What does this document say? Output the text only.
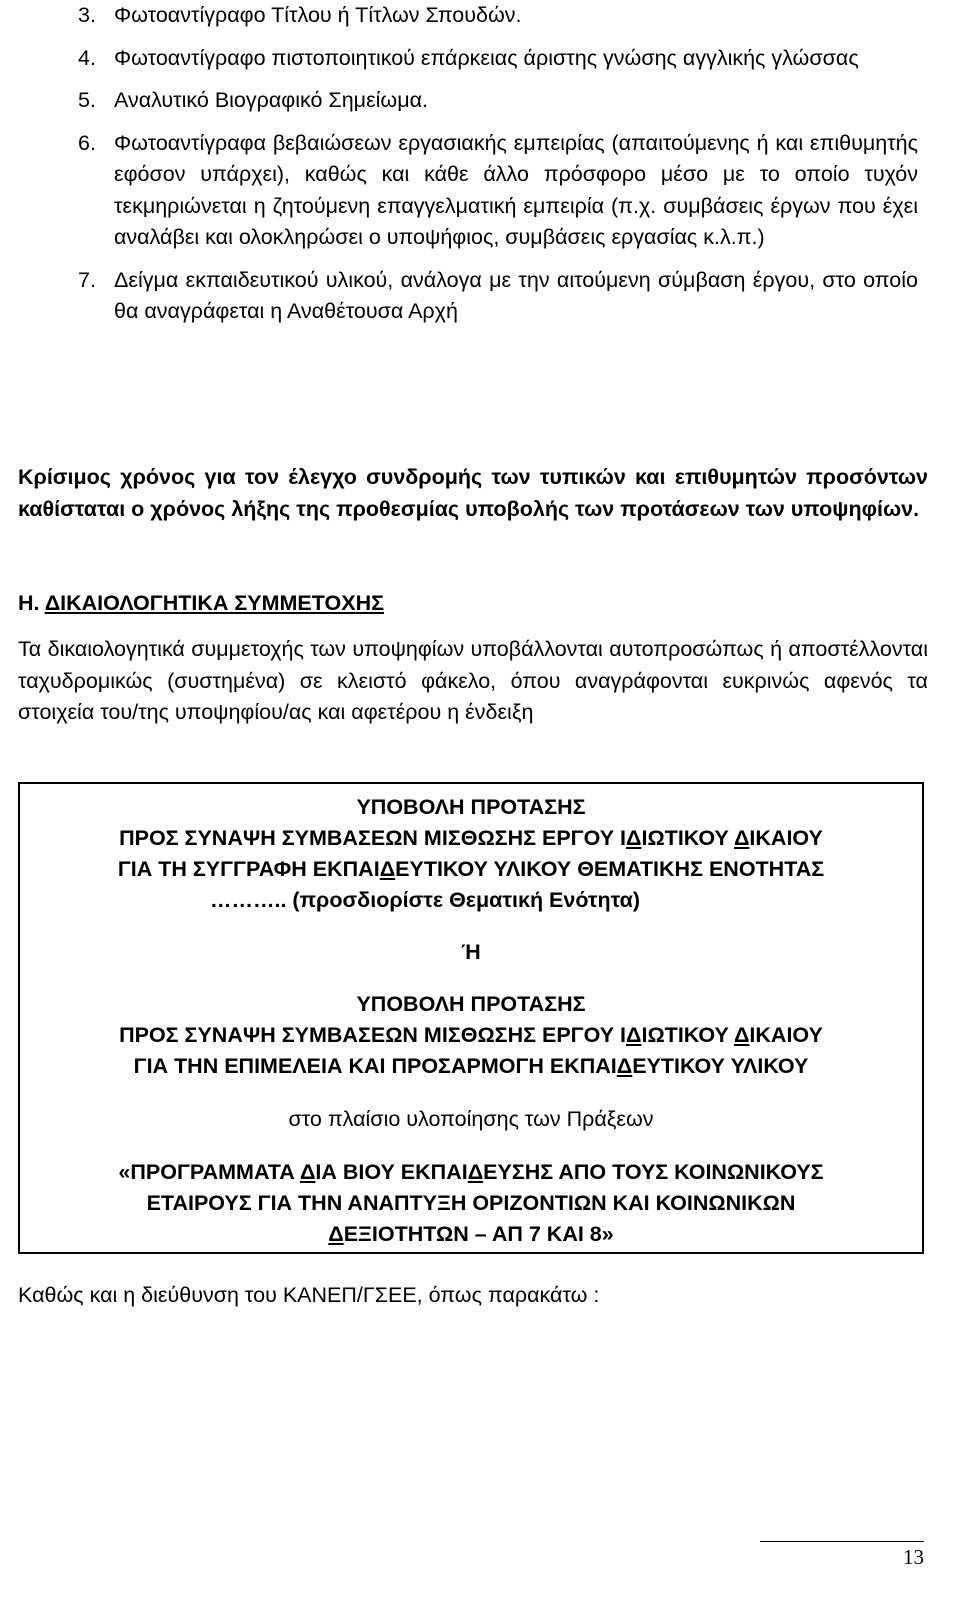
3. Φωτοαντίγραφο Τίτλου ή Τίτλων Σπουδών.
4. Φωτοαντίγραφο πιστοποιητικού επάρκειας άριστης γνώσης αγγλικής γλώσσας
5. Αναλυτικό Βιογραφικό Σημείωμα.
6. Φωτοαντίγραφα βεβαιώσεων εργασιακής εμπειρίας (απαιτούμενης ή και επιθυμητής εφόσον υπάρχει), καθώς και κάθε άλλο πρόσφορο μέσο με το οποίο τυχόν τεκμηριώνεται η ζητούμενη επαγγελματική εμπειρία (π.χ. συμβάσεις έργων που έχει αναλάβει και ολοκληρώσει ο υποψήφιος, συμβάσεις εργασίας κ.λ.π.)
7. Δείγμα εκπαιδευτικού υλικού, ανάλογα με την αιτούμενη σύμβαση έργου, στο οποίο θα αναγράφεται η Αναθέτουσα Αρχή
Κρίσιμος χρόνος για τον έλεγχο συνδρομής των τυπικών και επιθυμητών προσόντων καθίσταται ο χρόνος λήξης της προθεσμίας υποβολής των προτάσεων των υποψηφίων.
Η. ΔΙΚΑΙΟΛΟΓΗΤΙΚΑ ΣΥΜΜΕΤΟΧΗΣ
Τα δικαιολογητικά συμμετοχής των υποψηφίων υποβάλλονται αυτοπροσώπως ή αποστέλλονται ταχυδρομικώς (συστημένα) σε κλειστό φάκελο, όπου αναγράφονται ευκρινώς αφενός τα στοιχεία του/της υποψηφίου/ας και αφετέρου η ένδειξη
ΥΠΟΒΟΛΗ ΠΡΟΤΑΣΗΣ
ΠΡΟΣ ΣΥΝΑΨΗ ΣΥΜΒΑΣΕΩΝ ΜΙΣΘΩΣΗΣ ΕΡΓΟΥ ΙΔΙΩΤΙΚΟΥ ΔΙΚΑΙΟΥ
ΓΙΑ ΤΗ ΣΥΓΓΡΑΦΗ ΕΚΠΑΙΔΕΥΤΙΚΟΥ ΥΛΙΚΟΥ ΘΕΜΑΤΙΚΗΣ ΕΝΟΤΗΤΑΣ
……….. (προσδιορίστε Θεματική Ενότητα)
Ή
ΥΠΟΒΟΛΗ ΠΡΟΤΑΣΗΣ
ΠΡΟΣ ΣΥΝΑΨΗ ΣΥΜΒΑΣΕΩΝ ΜΙΣΘΩΣΗΣ ΕΡΓΟΥ ΙΔΙΩΤΙΚΟΥ ΔΙΚΑΙΟΥ
ΓΙΑ ΤΗΝ ΕΠΙΜΕΛΕΙΑ ΚΑΙ ΠΡΟΣΑΡΜΟΓΗ ΕΚΠΑΙΔΕΥΤΙΚΟΥ ΥΛΙΚΟΥ
στο πλαίσιο υλοποίησης των Πράξεων
«ΠΡΟΓΡΑΜΜΑΤΑ ΔΙΑ ΒΙΟΥ ΕΚΠΑΙΔΕΥΣΗΣ ΑΠΟ ΤΟΥΣ ΚΟΙΝΩΝΙΚΟΥΣ
ΕΤΑΙΡΟΥΣ ΓΙΑ ΤΗΝ ΑΝΑΠΤΥΞΗ ΟΡΙΖΟΝΤΙΩΝ ΚΑΙ ΚΟΙΝΩΝΙΚΩΝ
ΔΕΞΙΟΤΗΤΩΝ – ΑΠ 7 ΚΑΙ 8»
Καθώς και η διεύθυνση του ΚΑΝΕΠ/ΓΣΕΕ, όπως παρακάτω :
13
